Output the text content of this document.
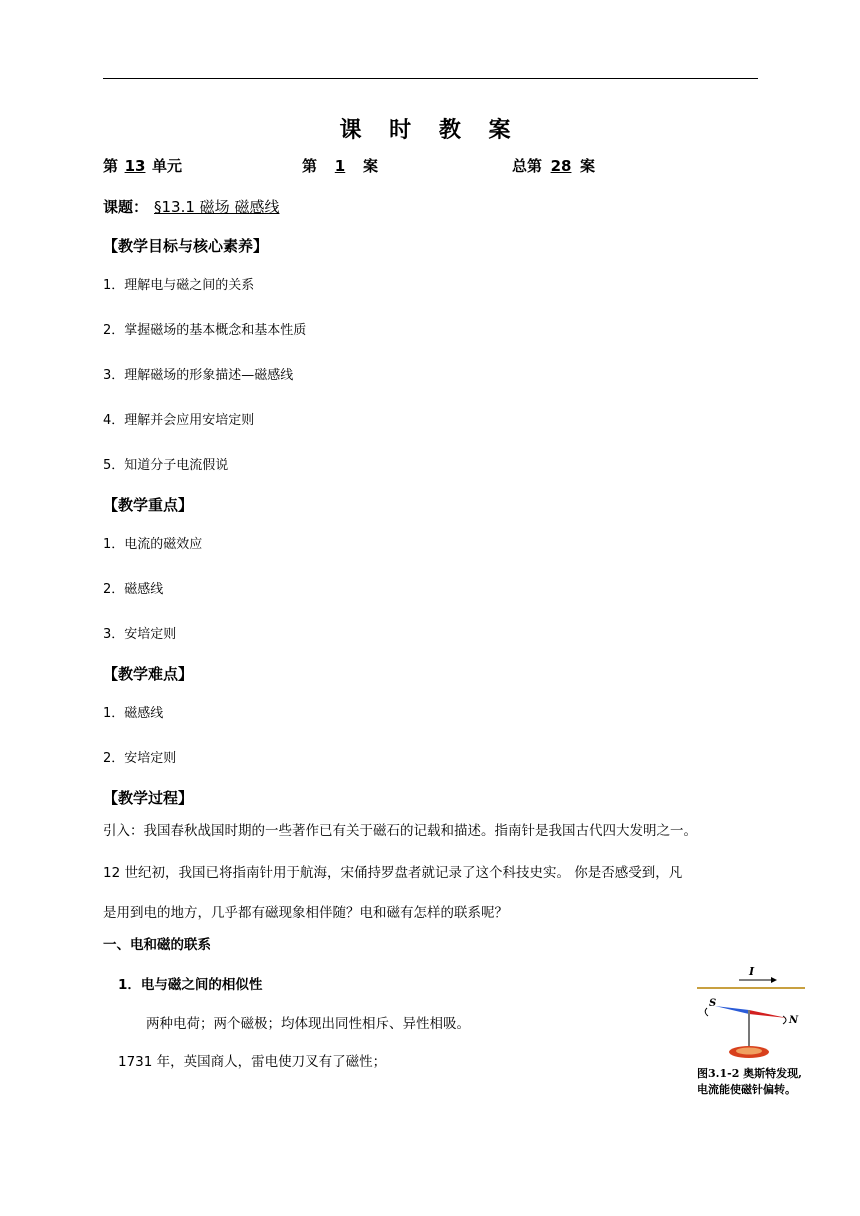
课 时 教 案
第 13 单元	第 1 案	总第 28 案
课题： §13.1 磁场 磁感线
【教学目标与核心素养】
1．理解电与磁之间的关系
2．掌握磁场的基本概念和基本性质
3．理解磁场的形象描述—磁感线
4．理解并会应用安培定则
5．知道分子电流假说
【教学重点】
1．电流的磁效应
2．磁感线
3．安培定则
【教学难点】
1．磁感线
2．安培定则
【教学过程】
引入：我国春秋战国时期的一些著作已有关于磁石的记载和描述。指南针是我国古代四大发明之一。
12 世纪初，我国已将指南针用于航海，宋俑持罗盘者就记录了这个科技史实。 你是否感受到，凡
是用到电的地方，几乎都有磁现象相伴随？电和磁有怎样的联系呢？
一、电和磁的联系
1．电与磁之间的相似性
两种电荷；两个磁极；均体现出同性相斥、异性相吸。
1731 年，英国商人，雷电使刀叉有了磁性；
I
S
N
图3.1-2 奥斯特发现,
电流能使磁针偏转。
